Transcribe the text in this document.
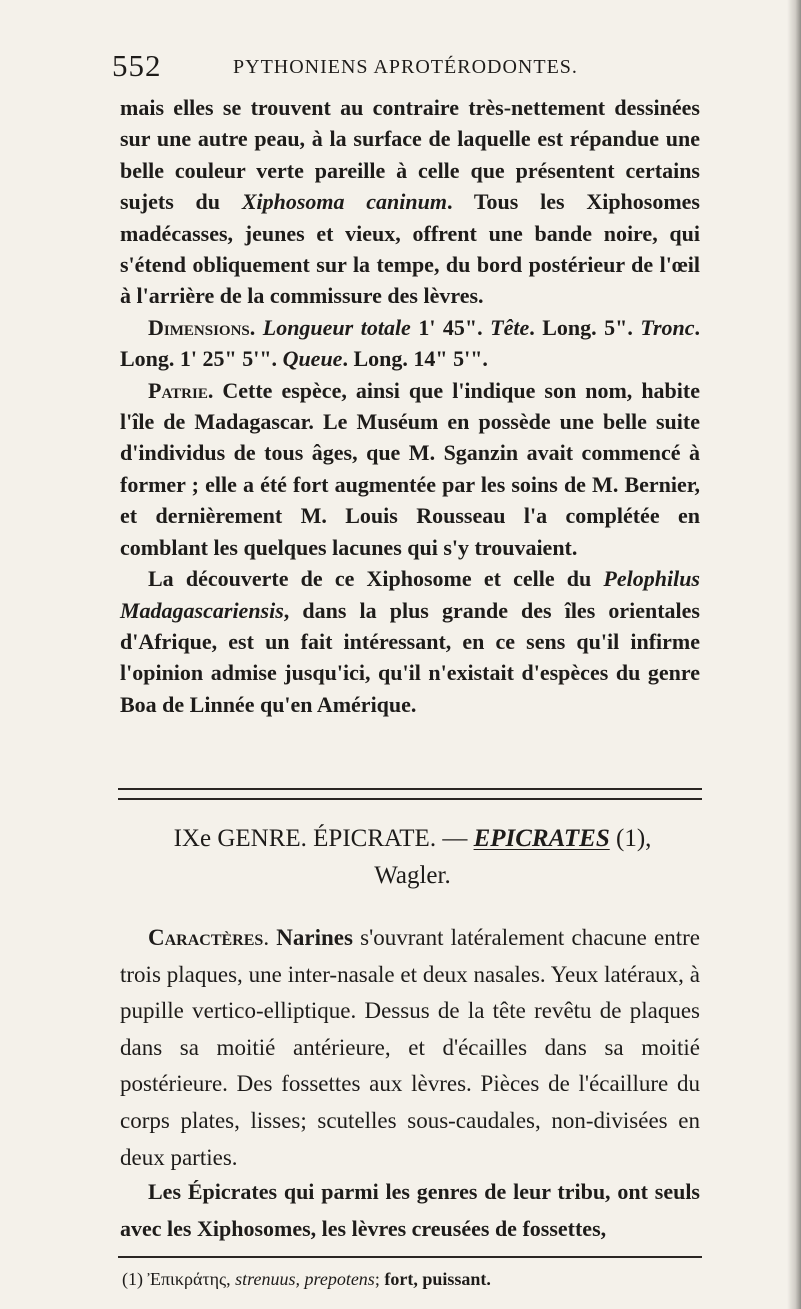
552	PYTHONIENS APROTÉRODONTES.

mais elles se trouvent au contraire très-nettement dessinées sur une autre peau, à la surface de laquelle est répandue une belle couleur verte pareille à celle que présentent certains sujets du Xiphosoma caninum. Tous les Xiphosomes madécasses, jeunes et vieux, offrent une bande noire, qui s'étend obliquement sur la tempe, du bord postérieur de l'œil à l'arrière de la commissure des lèvres.

Dimensions. Longueur totale 1' 45". Tête. Long. 5". Tronc. Long. 1' 25" 5'". Queue. Long. 14" 5'".

Patrie. Cette espèce, ainsi que l'indique son nom, habite l'île de Madagascar. Le Muséum en possède une belle suite d'individus de tous âges, que M. Sganzin avait commencé à former ; elle a été fort augmentée par les soins de M. Bernier, et dernièrement M. Louis Rousseau l'a complétée en comblant les quelques lacunes qui s'y trouvaient.

La découverte de ce Xiphosome et celle du Pelophilus Madagascariensis, dans la plus grande des îles orientales d'Afrique, est un fait intéressant, en ce sens qu'il infirme l'opinion admise jusqu'ici, qu'il n'existait d'espèces du genre Boa de Linnée qu'en Amérique.

IXe GENRE. ÉPICRATE. — EPICRATES (1),
Wagler.

Caractères. Narines s'ouvrant latéralement chacune entre trois plaques, une inter-nasale et deux nasales. Yeux latéraux, à pupille vertico-elliptique. Dessus de la tête revêtu de plaques dans sa moitié antérieure, et d'écailles dans sa moitié postérieure. Des fossettes aux lèvres. Pièces de l'écaillure du corps plates, lisses; scutelles sous-caudales, non-divisées en deux parties.

Les Épicrates qui parmi les genres de leur tribu, ont seuls avec les Xiphosomes, les lèvres creusées de fossettes,

(1) Ἐπικράτης, strenuus, prepotens; fort, puissant.
